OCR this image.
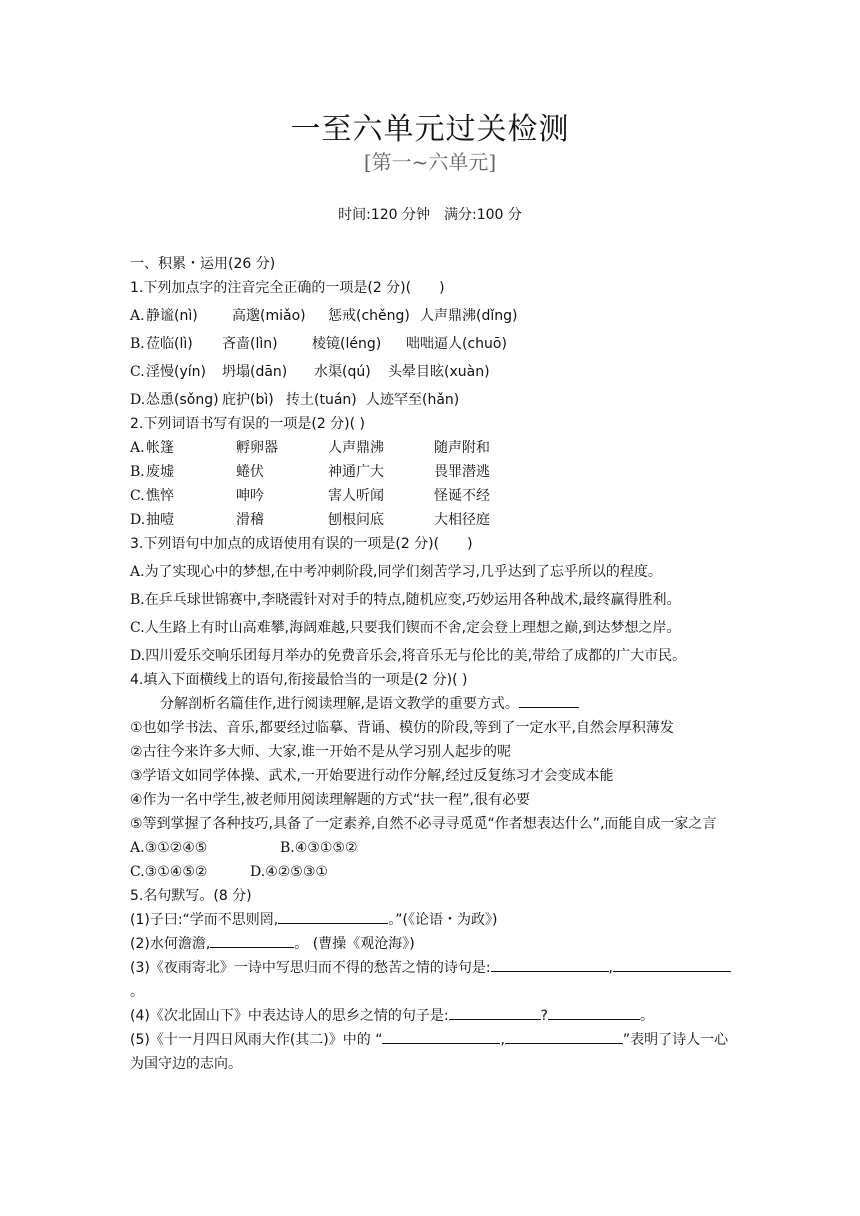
一至六单元过关检测
[第一~六单元]
时间:120 分钟　满分:100 分
一、积累・运用(26 分)
1.下列加点字的注音完全正确的一项是(2 分)(　　)
A. 静谧(nì)	高邈(miǎo)	惩戒(chěng) 人声鼎沸(dǐng)
B. 莅临(lì)	吝啬(lìn)	棱镜(léng)	咄咄逼人(chuō)
C. 淫慢(yín)	坍塌(dān)	水渠(qú)	头晕目眩(xuàn)
D. 怂恿(sǒng) 庇护(bì) 抟土(tuán) 人迹罕至(hǎn)
2.下列词语书写有误的一项是(2 分)( )
A. 帐篷	孵卵器	人声鼎沸	随声附和
B. 废墟	蜷伏	神通广大	畏罪潜逃
C. 憔悴	呻吟	害人听闻	怪诞不经
D. 抽噎	滑稽	刨根问底	大相径庭
3.下列语句中加点的成语使用有误的一项是(2 分)(　　)
A.为了实现心中的梦想,在中考冲刺阶段,同学们刻苦学习,几乎达到了忘乎所以的程度。
B.在乒乓球世锦赛中,李晓霞针对对手的特点,随机应变,巧妙运用各种战术,最终赢得胜利。
C.人生路上有时山高难攀,海阔难越,只要我们锲而不舍,定会登上理想之巅,到达梦想之岸。
D.四川爱乐交响乐团每月举办的免费音乐会,将音乐无与伦比的美,带给了成都的广大市民。
4.填入下面横线上的语句,衔接最恰当的一项是(2 分)( )
分解剖析名篇佳作,进行阅读理解,是语文教学的重要方式。
①也如学书法、音乐,都要经过临摹、背诵、模仿的阶段,等到了一定水平,自然会厚积薄发
②古往今来许多大师、大家,谁一开始不是从学习别人起步的呢
③学语文如同学体操、武术,一开始要进行动作分解,经过反复练习才会变成本能
④作为一名中学生,被老师用阅读理解题的方式“扶一程”,很有必要
⑤等到掌握了各种技巧,具备了一定素养,自然不必寻寻觅觅“作者想表达什么”,而能自成一家之言
A.③①②④⑤	B.④③①⑤②
C.③①④⑤②	D.④②⑤③①
5.名句默写。(8 分)
(1)子曰:“学而不思则罔,	。”(《论语・为政》)
(2)水何澹澹,	。 (曹操《观沧海》)
(3)《夜雨寄北》一诗中写思归而不得的愁苦之情的诗句是:	,。
(4)《次北固山下》中表达诗人的思乡之情的句子是:	?	。
(5)《十一月四日风雨大作(其二)》中的 “	,	”表明了诗人一心为国守边的志向。
